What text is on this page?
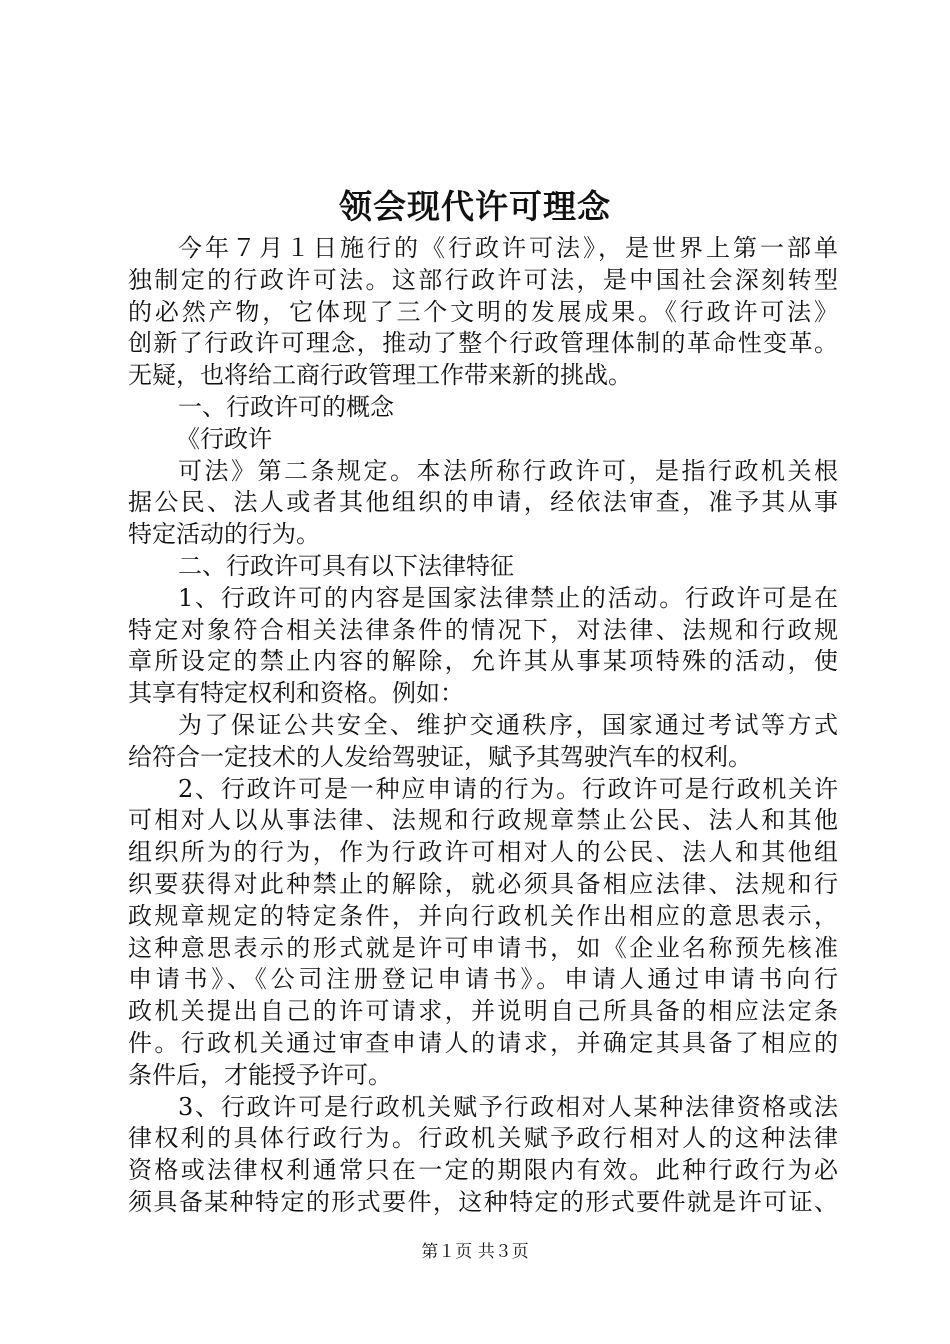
领会现代许可理念
今年７月１日施行的《行政许可法》，是世界上第一部单
独制定的行政许可法。这部行政许可法，是中国社会深刻转型
的必然产物，它体现了三个文明的发展成果。《行政许可法》
创新了行政许可理念，推动了整个行政管理体制的革命性变革。
无疑，也将给工商行政管理工作带来新的挑战。
一、行政许可的概念
《行政许
可法》第二条规定。本法所称行政许可，是指行政机关根
据公民、法人或者其他组织的申请，经依法审查，准予其从事
特定活动的行为。
二、行政许可具有以下法律特征
1、行政许可的内容是国家法律禁止的活动。行政许可是在
特定对象符合相关法律条件的情况下，对法律、法规和行政规
章所设定的禁止内容的解除，允许其从事某项特殊的活动，使
其享有特定权利和资格。例如：
为了保证公共安全、维护交通秩序，国家通过考试等方式
给符合一定技术的人发给驾驶证，赋予其驾驶汽车的权利。
2、行政许可是一种应申请的行为。行政许可是行政机关许
可相对人以从事法律、法规和行政规章禁止公民、法人和其他
组织所为的行为，作为行政许可相对人的公民、法人和其他组
织要获得对此种禁止的解除，就必须具备相应法律、法规和行
政规章规定的特定条件，并向行政机关作出相应的意思表示，
这种意思表示的形式就是许可申请书，如《企业名称预先核准
申请书》、《公司注册登记申请书》。申请人通过申请书向行
政机关提出自己的许可请求，并说明自己所具备的相应法定条
件。行政机关通过审查申请人的请求，并确定其具备了相应的
条件后，才能授予许可。
3、行政许可是行政机关赋予行政相对人某种法律资格或法
律权利的具体行政行为。行政机关赋予政行相对人的这种法律
资格或法律权利通常只在一定的期限内有效。此种行政行为必
须具备某种特定的形式要件，这种特定的形式要件就是许可证、
第１页 共３页
